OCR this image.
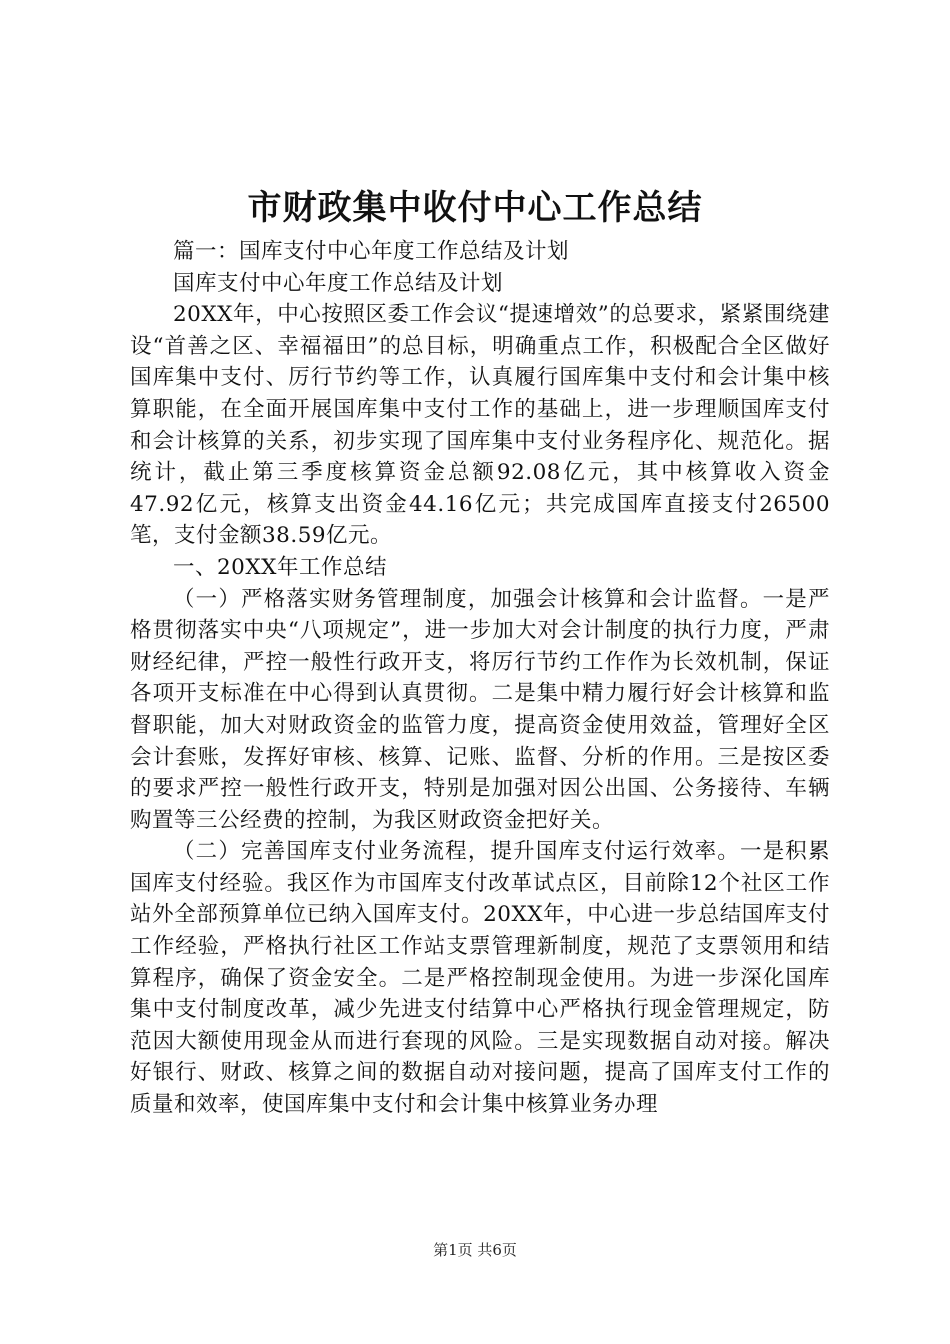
市财政集中收付中心工作总结

篇一：国库支付中心年度工作总结及计划

国库支付中心年度工作总结及计划

20XX年，中心按照区委工作会议“提速增效”的总要求，紧紧围绕建设“首善之区、幸福福田”的总目标，明确重点工作，积极配合全区做好国库集中支付、厉行节约等工作，认真履行国库集中支付和会计集中核算职能，在全面开展国库集中支付工作的基础上，进一步理顺国库支付和会计核算的关系，初步实现了国库集中支付业务程序化、规范化。据统计，截止第三季度核算资金总额92.08亿元，其中核算收入资金47.92亿元，核算支出资金44.16亿元；共完成国库直接支付26500笔，支付金额38.59亿元。

一、20XX年工作总结

（一）严格落实财务管理制度，加强会计核算和会计监督。一是严格贯彻落实中央“八项规定”，进一步加大对会计制度的执行力度，严肃财经纪律，严控一般性行政开支，将厉行节约工作作为长效机制，保证各项开支标准在中心得到认真贯彻。二是集中精力履行好会计核算和监督职能，加大对财政资金的监管力度，提高资金使用效益，管理好全区会计套账，发挥好审核、核算、记账、监督、分析的作用。三是按区委的要求严控一般性行政开支，特别是加强对因公出国、公务接待、车辆购置等三公经费的控制，为我区财政资金把好关。

（二）完善国库支付业务流程，提升国库支付运行效率。一是积累国库支付经验。我区作为市国库支付改革试点区，目前除12个社区工作站外全部预算单位已纳入国库支付。20XX年，中心进一步总结国库支付工作经验，严格执行社区工作站支票管理新制度，规范了支票领用和结算程序，确保了资金安全。二是严格控制现金使用。为进一步深化国库集中支付制度改革，减少先进支付结算中心严格执行现金管理规定，防范因大额使用现金从而进行套现的风险。三是实现数据自动对接。解决好银行、财政、核算之间的数据自动对接问题，提高了国库支付工作的质量和效率，使国库集中支付和会计集中核算业务办理

第1页 共6页
